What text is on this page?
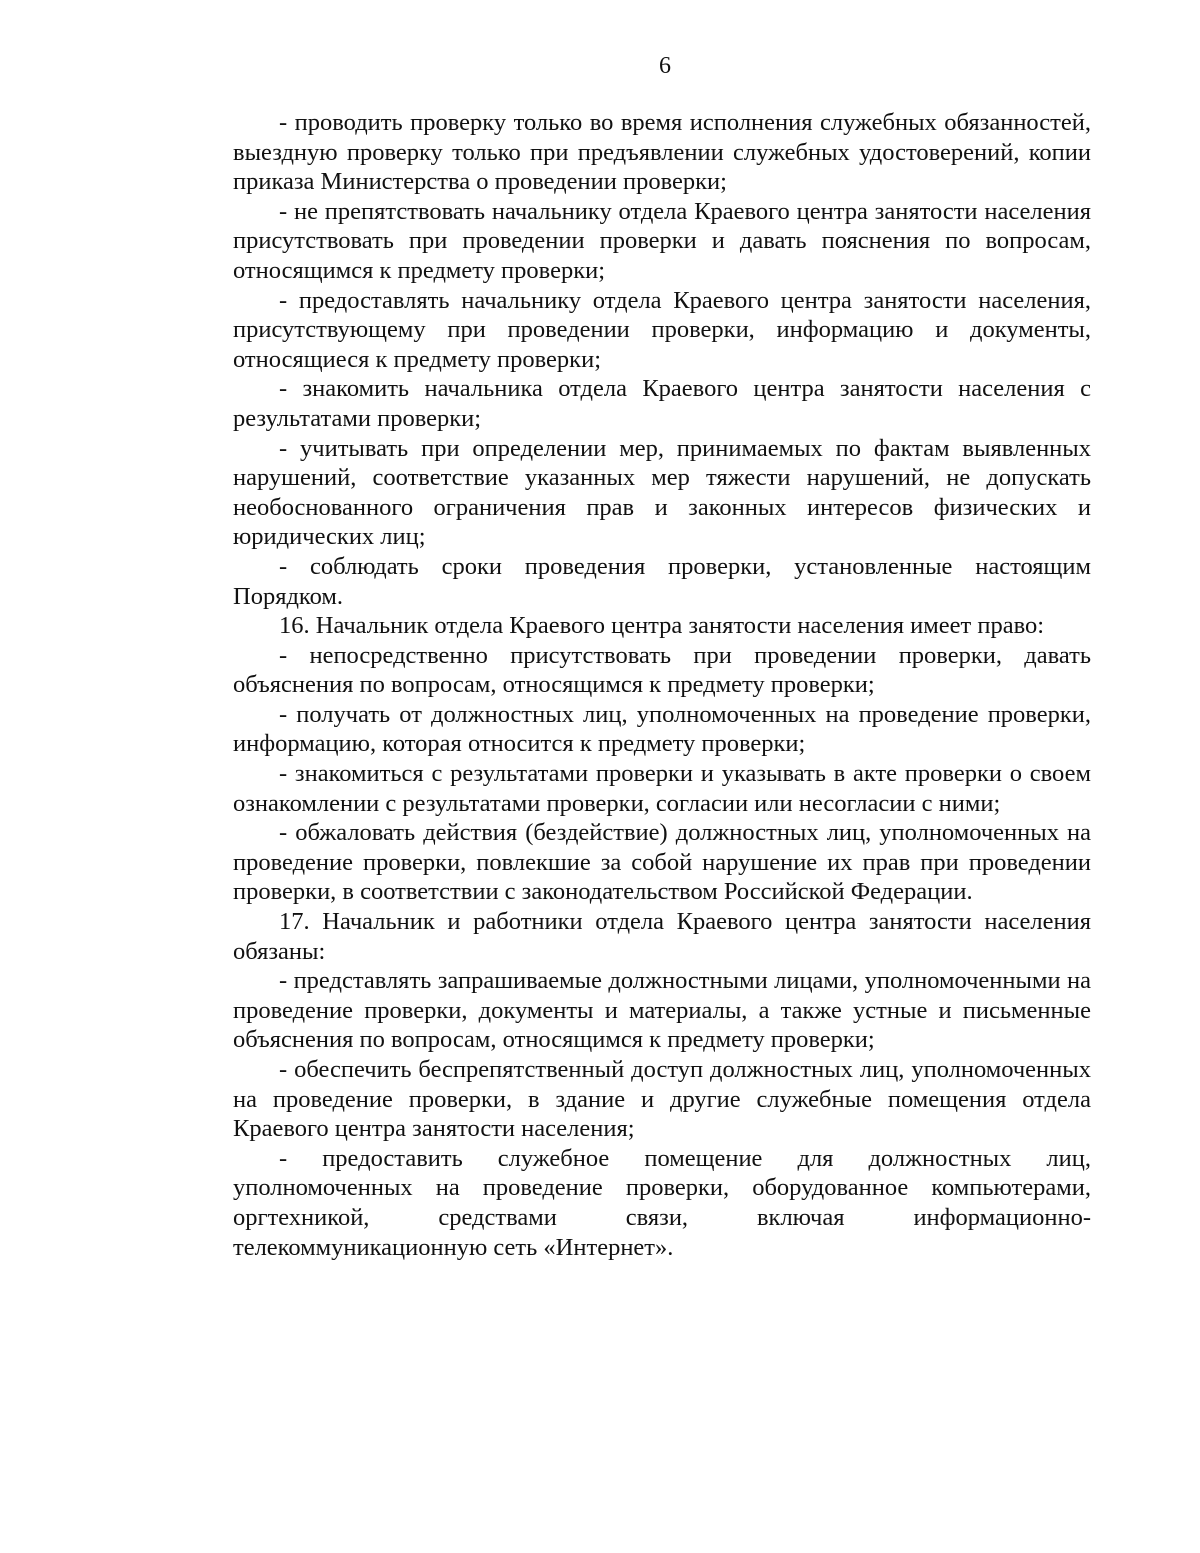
6

- проводить проверку только во время исполнения служебных обязанностей, выездную проверку только при предъявлении служебных удостоверений, копии приказа Министерства о проведении проверки;

- не препятствовать начальнику отдела Краевого центра занятости населения присутствовать при проведении проверки и давать пояснения по вопросам, относящимся к предмету проверки;

- предоставлять начальнику отдела Краевого центра занятости населения, присутствующему при проведении проверки, информацию и документы, относящиеся к предмету проверки;

- знакомить начальника отдела Краевого центра занятости населения с результатами проверки;

- учитывать при определении мер, принимаемых по фактам выявленных нарушений, соответствие указанных мер тяжести нарушений, не допускать необоснованного ограничения прав и законных интересов физических и юридических лиц;

- соблюдать сроки проведения проверки, установленные настоящим Порядком.

16. Начальник отдела Краевого центра занятости населения имеет право:

- непосредственно присутствовать при проведении проверки, давать объяснения по вопросам, относящимся к предмету проверки;

- получать от должностных лиц, уполномоченных на проведение проверки, информацию, которая относится к предмету проверки;

- знакомиться с результатами проверки и указывать в акте проверки о своем ознакомлении с результатами проверки, согласии или несогласии с ними;

- обжаловать действия (бездействие) должностных лиц, уполномоченных на проведение проверки, повлекшие за собой нарушение их прав при проведении проверки, в соответствии с законодательством Российской Федерации.

17. Начальник и работники отдела Краевого центра занятости населения обязаны:

- представлять запрашиваемые должностными лицами, уполномоченными на проведение проверки, документы и материалы, а также устные и письменные объяснения по вопросам, относящимся к предмету проверки;

- обеспечить беспрепятственный доступ должностных лиц, уполномоченных на проведение проверки, в здание и другие служебные помещения отдела Краевого центра занятости населения;

- предоставить служебное помещение для должностных лиц, уполномоченных на проведение проверки, оборудованное компьютерами, оргтехникой, средствами связи, включая информационно-телекоммуникационную сеть «Интернет».
